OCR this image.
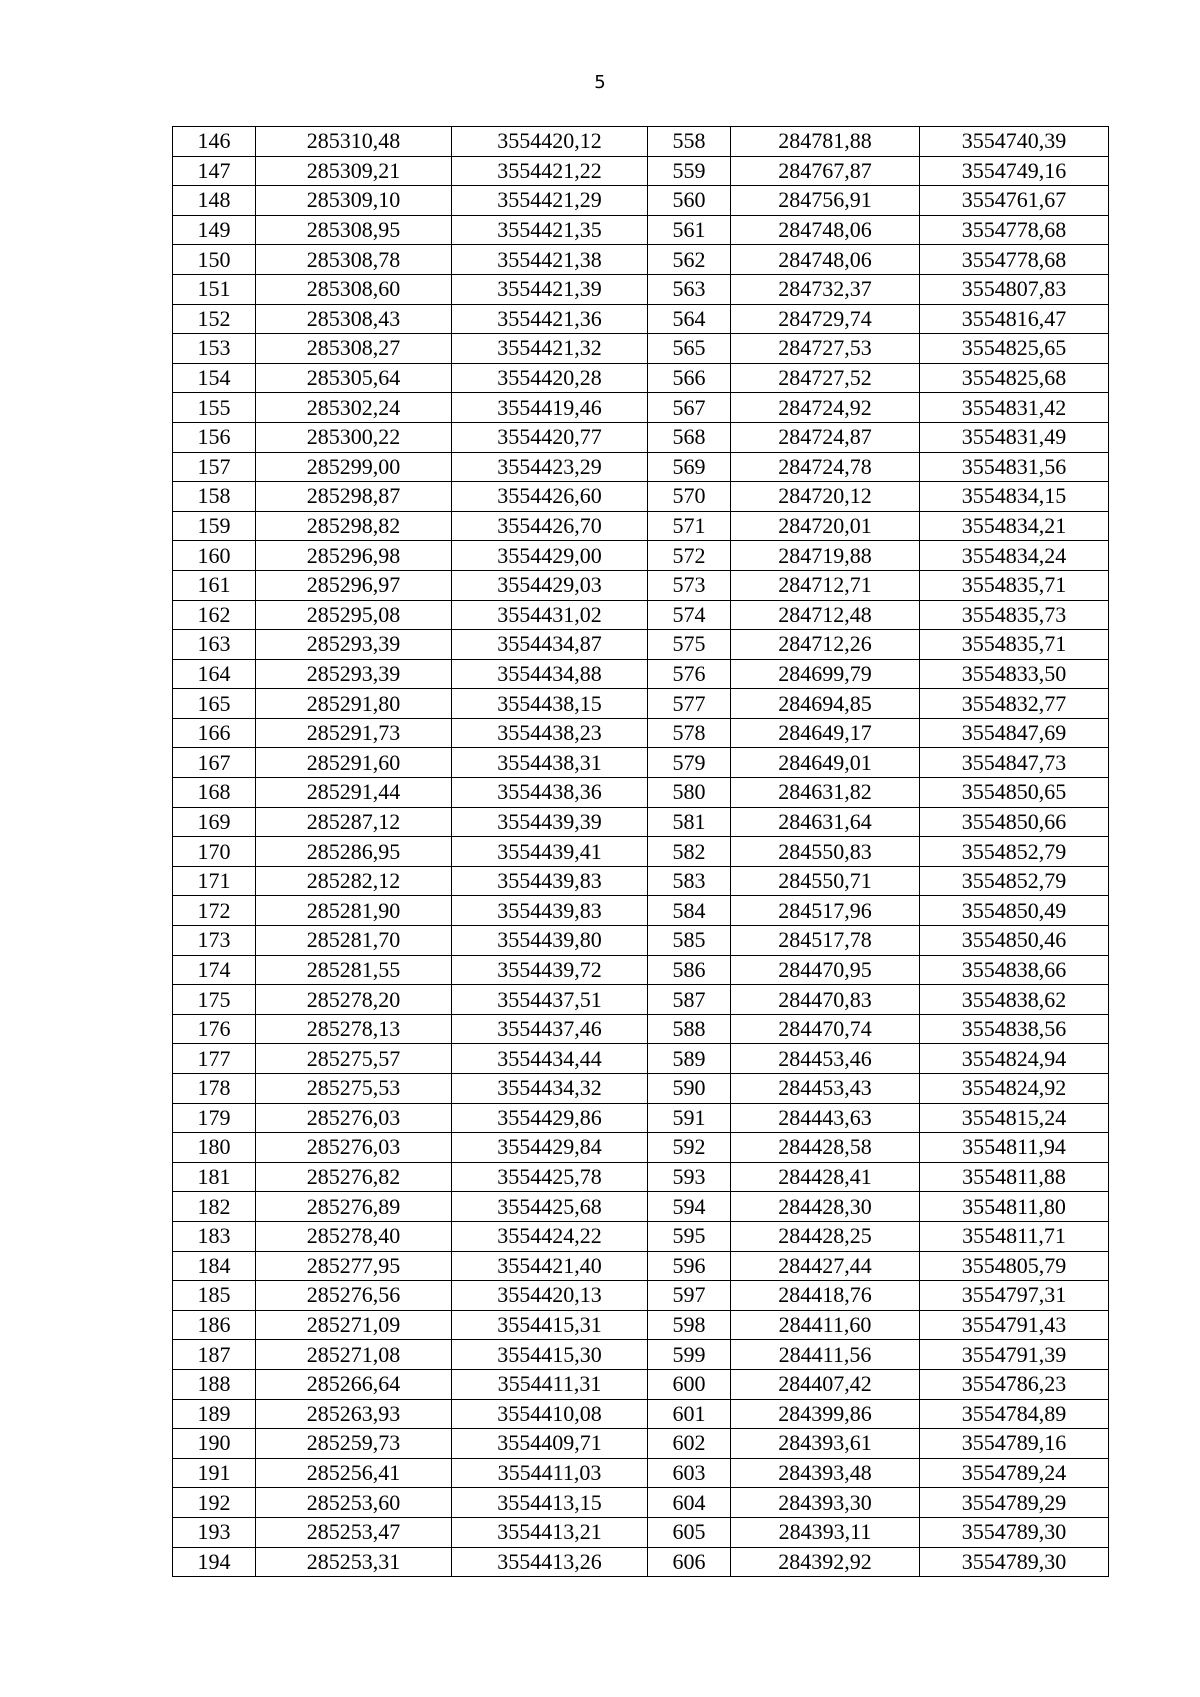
5
146	285310,48	3554420,12	558	284781,88	3554740,39
147	285309,21	3554421,22	559	284767,87	3554749,16
148	285309,10	3554421,29	560	284756,91	3554761,67
149	285308,95	3554421,35	561	284748,06	3554778,68
150	285308,78	3554421,38	562	284748,06	3554778,68
151	285308,60	3554421,39	563	284732,37	3554807,83
152	285308,43	3554421,36	564	284729,74	3554816,47
153	285308,27	3554421,32	565	284727,53	3554825,65
154	285305,64	3554420,28	566	284727,52	3554825,68
155	285302,24	3554419,46	567	284724,92	3554831,42
156	285300,22	3554420,77	568	284724,87	3554831,49
157	285299,00	3554423,29	569	284724,78	3554831,56
158	285298,87	3554426,60	570	284720,12	3554834,15
159	285298,82	3554426,70	571	284720,01	3554834,21
160	285296,98	3554429,00	572	284719,88	3554834,24
161	285296,97	3554429,03	573	284712,71	3554835,71
162	285295,08	3554431,02	574	284712,48	3554835,73
163	285293,39	3554434,87	575	284712,26	3554835,71
164	285293,39	3554434,88	576	284699,79	3554833,50
165	285291,80	3554438,15	577	284694,85	3554832,77
166	285291,73	3554438,23	578	284649,17	3554847,69
167	285291,60	3554438,31	579	284649,01	3554847,73
168	285291,44	3554438,36	580	284631,82	3554850,65
169	285287,12	3554439,39	581	284631,64	3554850,66
170	285286,95	3554439,41	582	284550,83	3554852,79
171	285282,12	3554439,83	583	284550,71	3554852,79
172	285281,90	3554439,83	584	284517,96	3554850,49
173	285281,70	3554439,80	585	284517,78	3554850,46
174	285281,55	3554439,72	586	284470,95	3554838,66
175	285278,20	3554437,51	587	284470,83	3554838,62
176	285278,13	3554437,46	588	284470,74	3554838,56
177	285275,57	3554434,44	589	284453,46	3554824,94
178	285275,53	3554434,32	590	284453,43	3554824,92
179	285276,03	3554429,86	591	284443,63	3554815,24
180	285276,03	3554429,84	592	284428,58	3554811,94
181	285276,82	3554425,78	593	284428,41	3554811,88
182	285276,89	3554425,68	594	284428,30	3554811,80
183	285278,40	3554424,22	595	284428,25	3554811,71
184	285277,95	3554421,40	596	284427,44	3554805,79
185	285276,56	3554420,13	597	284418,76	3554797,31
186	285271,09	3554415,31	598	284411,60	3554791,43
187	285271,08	3554415,30	599	284411,56	3554791,39
188	285266,64	3554411,31	600	284407,42	3554786,23
189	285263,93	3554410,08	601	284399,86	3554784,89
190	285259,73	3554409,71	602	284393,61	3554789,16
191	285256,41	3554411,03	603	284393,48	3554789,24
192	285253,60	3554413,15	604	284393,30	3554789,29
193	285253,47	3554413,21	605	284393,11	3554789,30
194	285253,31	3554413,26	606	284392,92	3554789,30
